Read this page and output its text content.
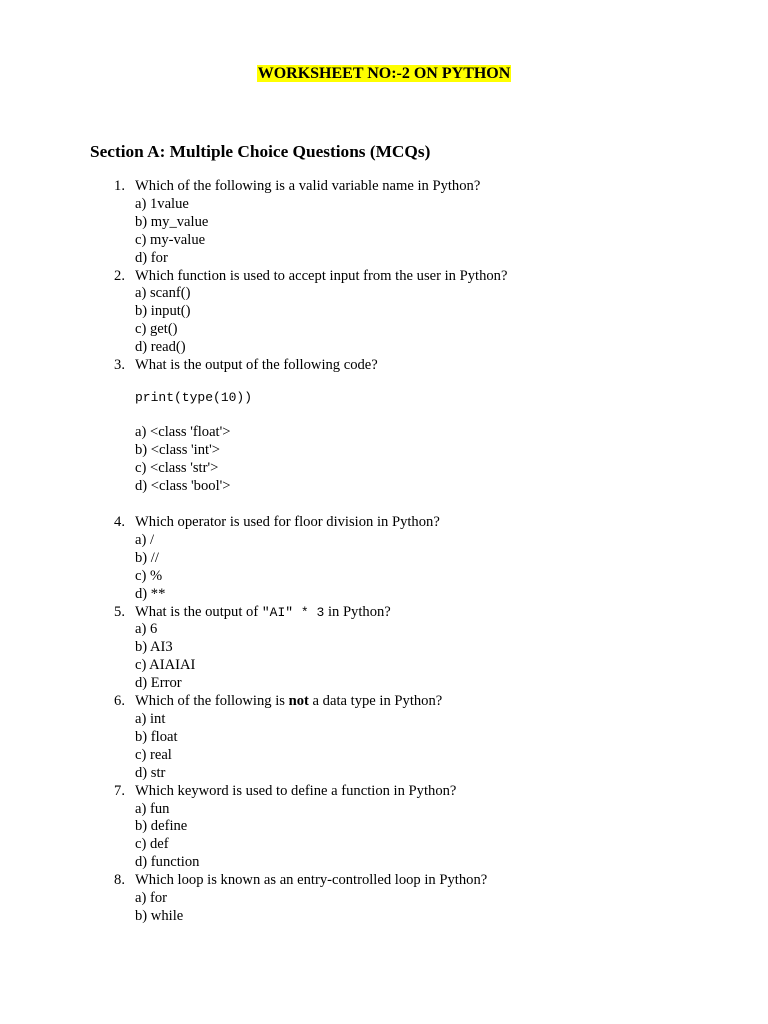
WORKSHEET NO:-2 ON PYTHON
Section A: Multiple Choice Questions (MCQs)
1. Which of the following is a valid variable name in Python?
a) 1value
b) my_value
c) my-value
d) for
2. Which function is used to accept input from the user in Python?
a) scanf()
b) input()
c) get()
d) read()
3. What is the output of the following code?
print(type(10))
a) <class 'float'>
b) <class 'int'>
c) <class 'str'>
d) <class 'bool'>
4. Which operator is used for floor division in Python?
a) /
b) //
c) %
d) **
5. What is the output of "AI" * 3 in Python?
a) 6
b) AI3
c) AIAIAI
d) Error
6. Which of the following is not a data type in Python?
a) int
b) float
c) real
d) str
7. Which keyword is used to define a function in Python?
a) fun
b) define
c) def
d) function
8. Which loop is known as an entry-controlled loop in Python?
a) for
b) while
